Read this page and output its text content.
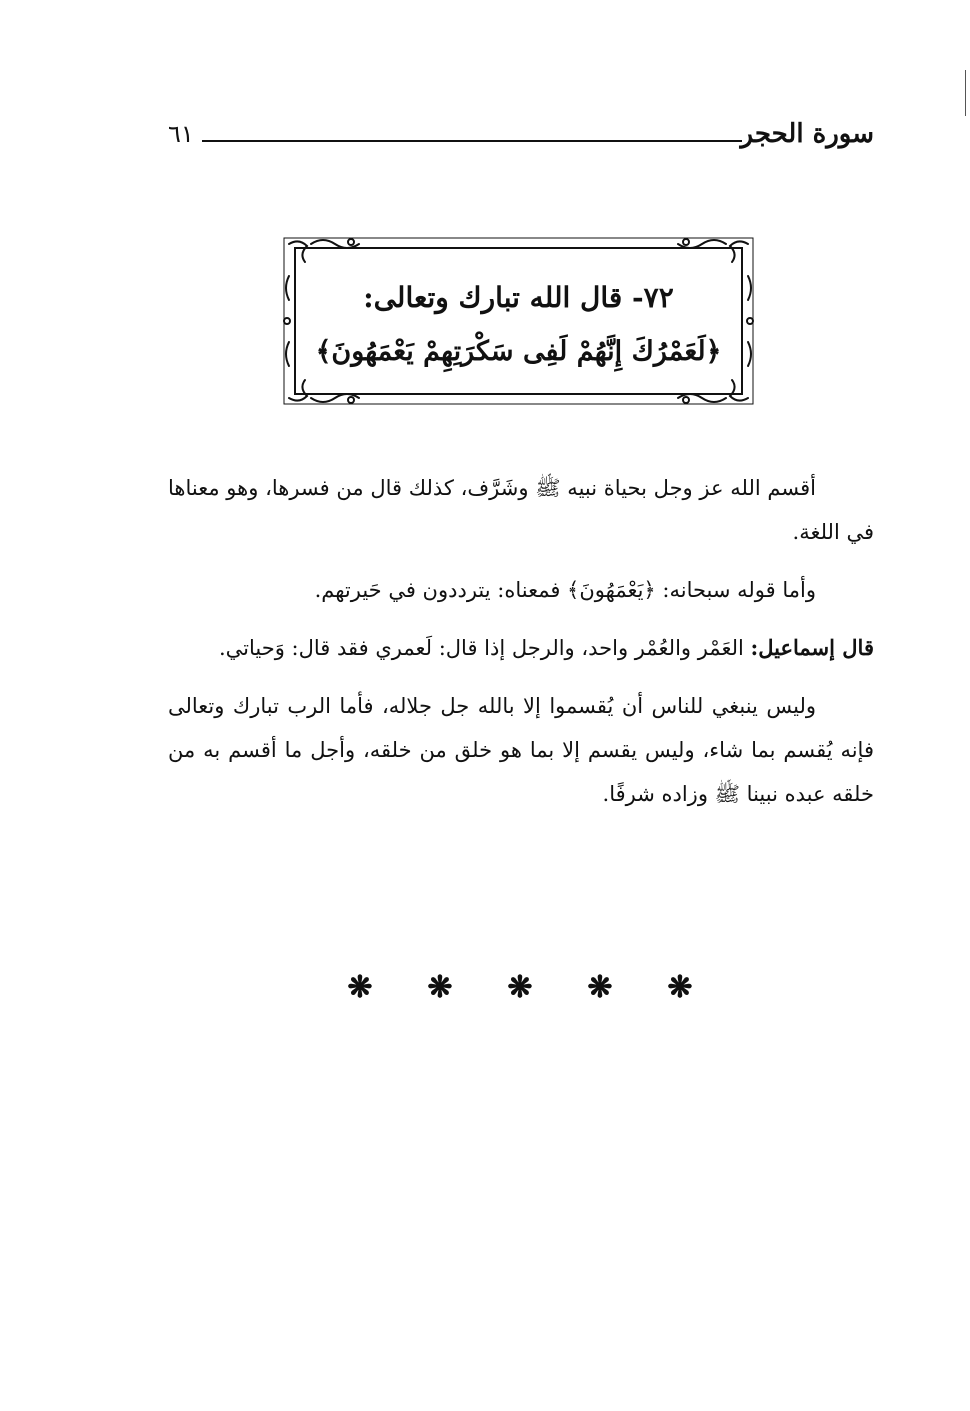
سورة الحجر
٦١
٧٢- قال الله تبارك وتعالى:
﴿لَعَمْرُكَ إِنَّهُمْ لَفِى سَكْرَتِهِمْ يَعْمَهُونَ﴾

أقسم الله عز وجل بحياة نبيه ﷺ وشَرَّف، كذلك قال من فسرها، وهو معناها في اللغة.

وأما قوله سبحانه: ﴿يَعْمَهُونَ﴾ فمعناه: يترددون في حَيرتهم.

قال إسماعيل: العَمْر والعُمْر واحد، والرجل إذا قال: لَعمري فقد قال: وَحياتي.

وليس ينبغي للناس أن يُقسموا إلا بالله جل جلاله، فأما الرب تبارك وتعالى فإنه يُقسم بما شاء، وليس يقسم إلا بما هو خلق من خلقه، وأجل ما أقسم به من خلقه عبده نبينا ﷺ وزاده شرفًا.

❋ ❋ ❋ ❋ ❋
